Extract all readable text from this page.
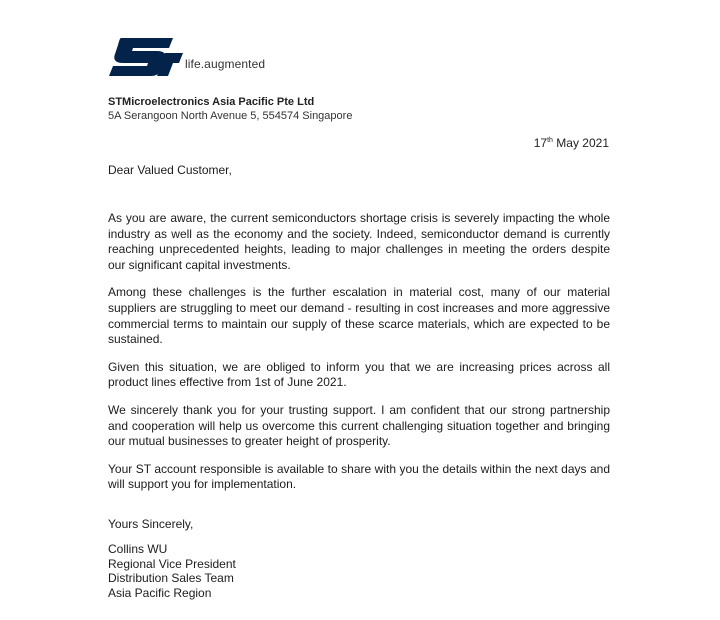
life.augmented
STMicroelectronics Asia Pacific Pte Ltd
5A Serangoon North Avenue 5, 554574 Singapore
17th May 2021
Dear Valued Customer,

As you are aware, the current semiconductors shortage crisis is severely impacting the whole industry as well as the economy and the society. Indeed, semiconductor demand is currently reaching unprecedented heights, leading to major challenges in meeting the orders despite our significant capital investments.

Among these challenges is the further escalation in material cost, many of our material suppliers are struggling to meet our demand - resulting in cost increases and more aggressive commercial terms to maintain our supply of these scarce materials, which are expected to be sustained.

Given this situation, we are obliged to inform you that we are increasing prices across all product lines effective from 1st of June 2021.

We sincerely thank you for your trusting support. I am confident that our strong partnership and cooperation will help us overcome this current challenging situation together and bringing our mutual businesses to greater height of prosperity.

Your ST account responsible is available to share with you the details within the next days and will support you for implementation.

Yours Sincerely,
Collins WU
Regional Vice President
Distribution Sales Team
Asia Pacific Region
